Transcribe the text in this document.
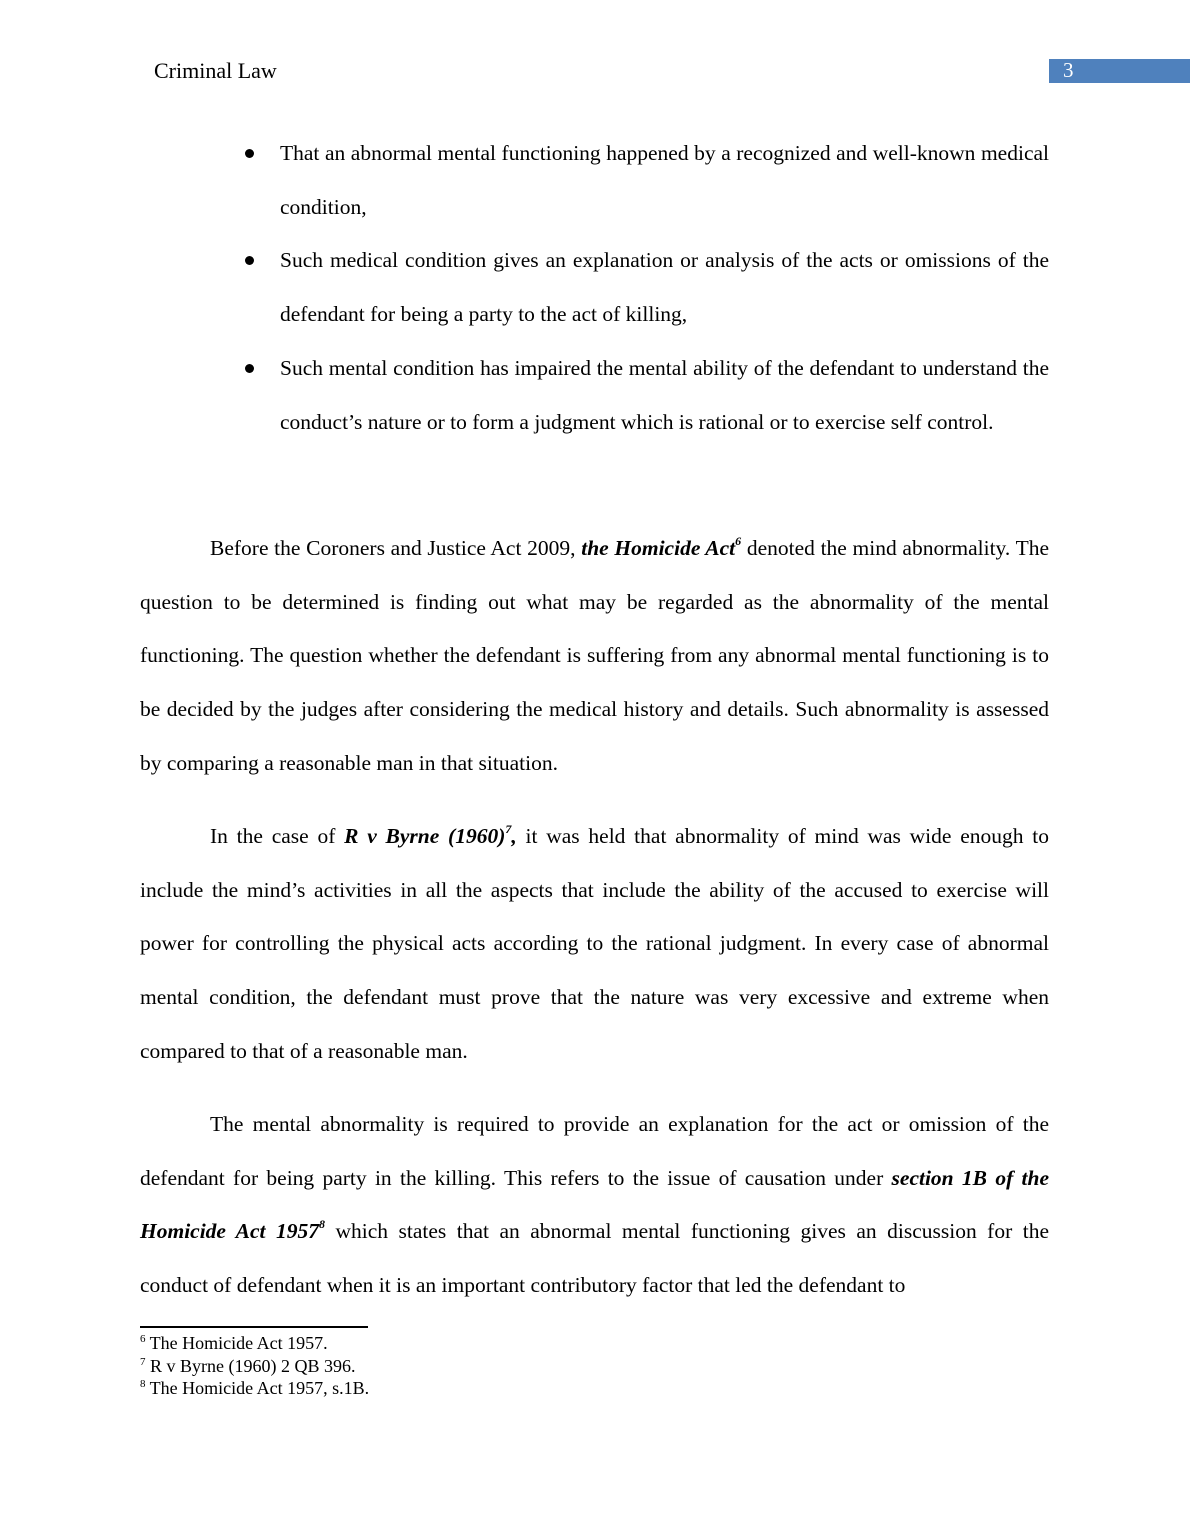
Criminal Law	3
That an abnormal mental functioning happened by a recognized and well-known medical condition,
Such medical condition gives an explanation or analysis of the acts or omissions of the defendant for being a party to the act of killing,
Such mental condition has impaired the mental ability of the defendant to understand the conduct’s nature or to form a judgment which is rational or to exercise self control.

Before the Coroners and Justice Act 2009, the Homicide Act$^6$ denoted the mind abnormality. The question to be determined is finding out what may be regarded as the abnormality of the mental functioning. The question whether the defendant is suffering from any abnormal mental functioning is to be decided by the judges after considering the medical history and details. Such abnormality is assessed by comparing a reasonable man in that situation.

In the case of R v Byrne $(1960)^7$, it was held that abnormality of mind was wide enough to include the mind’s activities in all the aspects that include the ability of the accused to exercise will power for controlling the physical acts according to the rational judgment. In every case of abnormal mental condition, the defendant must prove that the nature was very excessive and extreme when compared to that of a reasonable man.

The mental abnormality is required to provide an explanation for the act or omission of the defendant for being party in the killing. This refers to the issue of causation under section 1B of the Homicide Act 1957$^8$ which states that an abnormal mental functioning gives an discussion for the conduct of defendant when it is an important contributory factor that led the defendant to

$^6$ The Homicide Act 1957.
$^7$ R v Byrne (1960) 2 QB 396.
$^8$ The Homicide Act 1957, s.1B.
